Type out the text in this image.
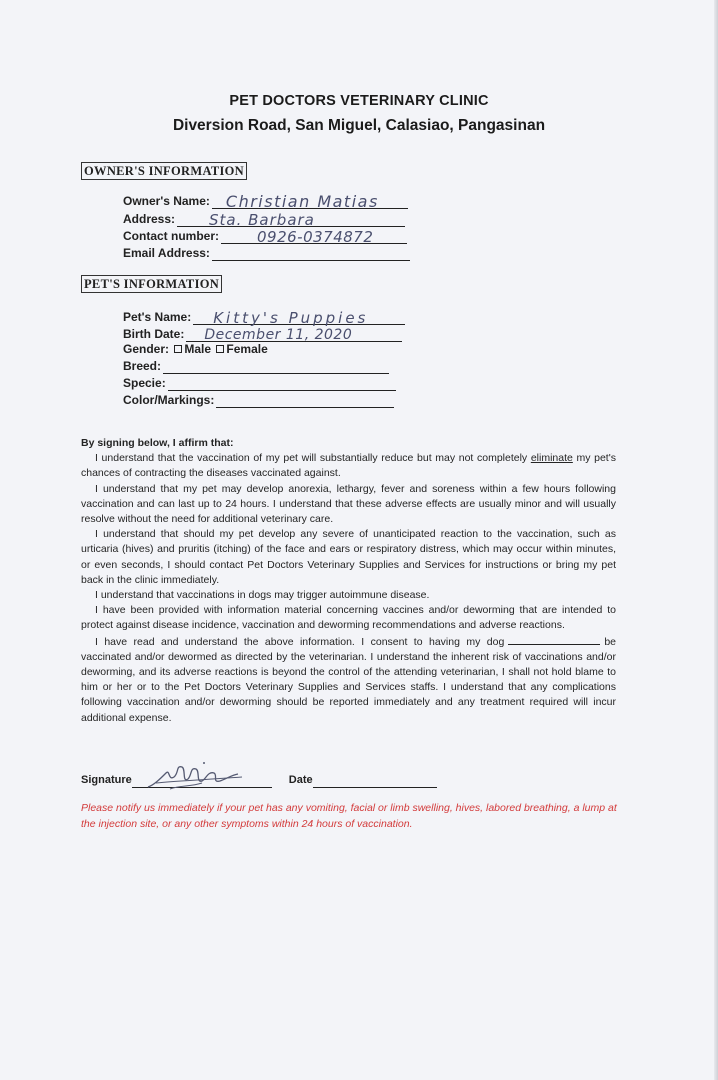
PET DOCTORS VETERINARY CLINIC
Diversion Road, San Miguel, Calasiao, Pangasinan
OWNER'S INFORMATION
Owner's Name: Christian Matias
Address: Sta. Barbara
Contact number:	0926-0374872
Email Address:
PET'S INFORMATION
Pet's Name: Kitty's Puppies
Birth Date: December 11, 2020
Gender: Male Female
Breed:
Specie:
Color/Markings:

By signing below, I affirm that:

I understand that the vaccination of my pet will substantially reduce but may not completely eliminate my pet's chances of contracting the diseases vaccinated against.

I understand that my pet may develop anorexia, lethargy, fever and soreness within a few hours following vaccination and can last up to 24 hours. I understand that these adverse effects are usually minor and will usually resolve without the need for additional veterinary care.

I understand that should my pet develop any severe of unanticipated reaction to the vaccination, such as urticaria (hives) and pruritis (itching) of the face and ears or respiratory distress, which may occur within minutes, or even seconds, I should contact Pet Doctors Veterinary Supplies and Services for instructions or bring my pet back in the clinic immediately.

I understand that vaccinations in dogs may trigger autoimmune disease.

I have been provided with information material concerning vaccines and/or deworming that are intended to protect against disease incidence, vaccination and deworming recommendations and adverse reactions.

I have read and understand the above information. I consent to having my dog	be vaccinated and/or dewormed as directed by the veterinarian. I understand the inherent risk of vaccinations and/or deworming, and its adverse reactions is beyond the control of the attending veterinarian, I shall not hold blame to him or her or to the Pet Doctors Veterinary Supplies and Services staffs. I understand that any complications following vaccination and/or deworming should be reported immediately and any treatment required will incur additional expense.

Signature	Date
Please notify us immediately if your pet has any vomiting, facial or limb swelling, hives, labored breathing, a lump at the injection site, or any other symptoms within 24 hours of vaccination.
